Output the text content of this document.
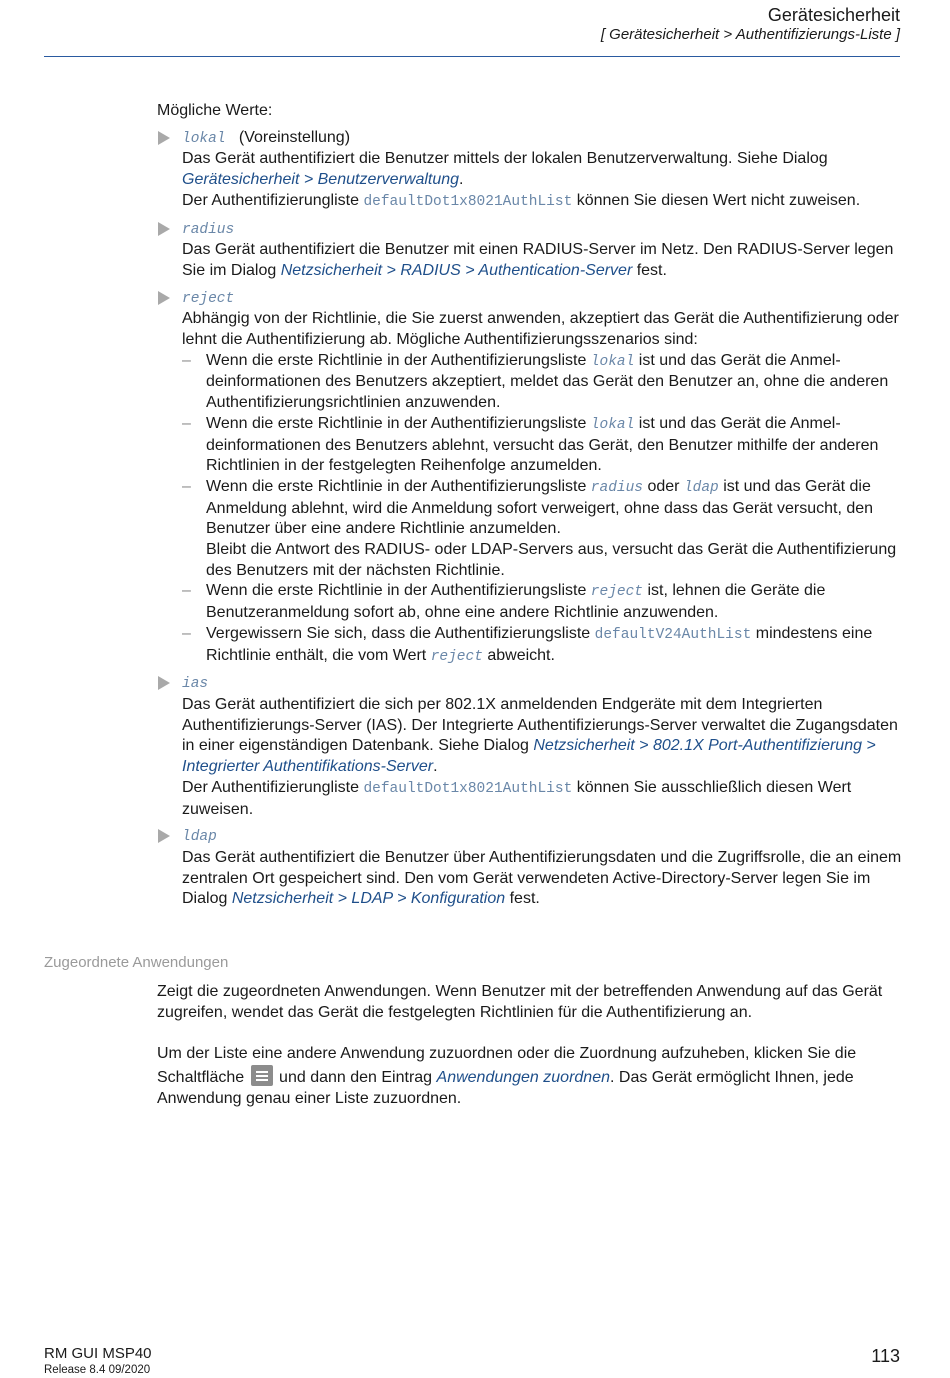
Gerätesicherheit
[ Gerätesicherheit > Authentifizierungs-Liste ]

Mögliche Werte:

lokal (Voreinstellung)

Das Gerät authentifiziert die Benutzer mittels der lokalen Benutzerverwaltung. Siehe Dialog Gerätesicherheit > Benutzerverwaltung.

Der Authentifizierungliste defaultDot1x8021AuthList können Sie diesen Wert nicht zuweisen.

radius

Das Gerät authentifiziert die Benutzer mit einen RADIUS-Server im Netz. Den RADIUS-Server legen Sie im Dialog Netzsicherheit > RADIUS > Authentication-Server fest.

reject

Abhängig von der Richtlinie, die Sie zuerst anwenden, akzeptiert das Gerät die Authentifizierung oder lehnt die Authentifizierung ab. Mögliche Authentifizierungsszenarios sind:

– Wenn die erste Richtlinie in der Authentifizierungsliste lokal ist und das Gerät die Anmeldeinformationen des Benutzers akzeptiert, meldet das Gerät den Benutzer an, ohne die anderen Authentifizierungsrichtlinien anzuwenden.

– Wenn die erste Richtlinie in der Authentifizierungsliste lokal ist und das Gerät die Anmeldeinformationen des Benutzers ablehnt, versucht das Gerät, den Benutzer mithilfe der anderen Richtlinien in der festgelegten Reihenfolge anzumelden.

– Wenn die erste Richtlinie in der Authentifizierungsliste radius oder ldap ist und das Gerät die Anmeldung ablehnt, wird die Anmeldung sofort verweigert, ohne dass das Gerät versucht, den Benutzer über eine andere Richtlinie anzumelden.

Bleibt die Antwort des RADIUS- oder LDAP-Servers aus, versucht das Gerät die Authentifizierung des Benutzers mit der nächsten Richtlinie.

– Wenn die erste Richtlinie in der Authentifizierungsliste reject ist, lehnen die Geräte die Benutzeranmeldung sofort ab, ohne eine andere Richtlinie anzuwenden.

– Vergewissern Sie sich, dass die Authentifizierungsliste defaultV24AuthList mindestens eine Richtlinie enthält, die vom Wert reject abweicht.

ias

Das Gerät authentifiziert die sich per 802.1X anmeldenden Endgeräte mit dem Integrierten Authentifizierungs-Server (IAS). Der Integrierte Authentifizierungs-Server verwaltet die Zugangsdaten in einer eigenständigen Datenbank. Siehe Dialog Netzsicherheit > 802.1X Port-Authentifizierung > Integrierter Authentifikations-Server.

Der Authentifizierungliste defaultDot1x8021AuthList können Sie ausschließlich diesen Wert zuweisen.

ldap

Das Gerät authentifiziert die Benutzer über Authentifizierungsdaten und die Zugriffsrolle, die an einem zentralen Ort gespeichert sind. Den vom Gerät verwendeten Active-Directory-Server legen Sie im Dialog Netzsicherheit > LDAP > Konfiguration fest.

Zugeordnete Anwendungen

Zeigt die zugeordneten Anwendungen. Wenn Benutzer mit der betreffenden Anwendung auf das Gerät zugreifen, wendet das Gerät die festgelegten Richtlinien für die Authentifizierung an.

Um der Liste eine andere Anwendung zuzuordnen oder die Zuordnung aufzuheben, klicken Sie die Schaltfläche
und dann den Eintrag Anwendungen zuordnen. Das Gerät ermöglicht Ihnen, jede Anwendung genau einer Liste zuzuordnen.

RM GUI MSP40
Release 8.4 09/2020
113
